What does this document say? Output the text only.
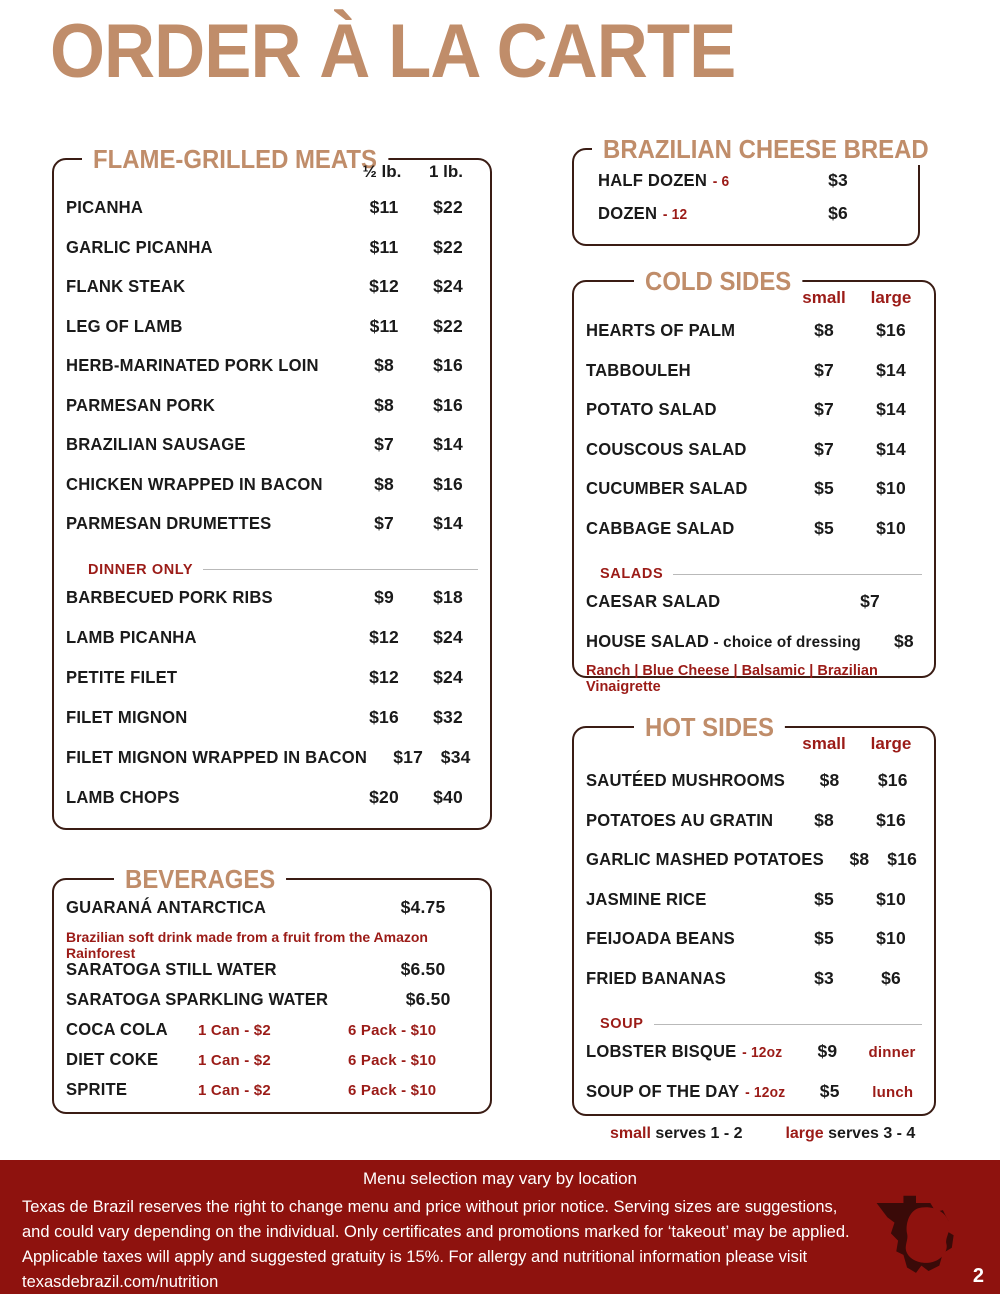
ORDER À LA CARTE
FLAME-GRILLED MEATS
½ lb.	1 lb.
PICANHA	$11	$22
GARLIC PICANHA	$11	$22
FLANK STEAK	$12	$24
LEG OF LAMB	$11	$22
HERB-MARINATED PORK LOIN	$8	$16
PARMESAN PORK	$8	$16
BRAZILIAN SAUSAGE	$7	$14
CHICKEN WRAPPED IN BACON	$8	$16
PARMESAN DRUMETTES	$7	$14
DINNER ONLY
BARBECUED PORK RIBS	$9	$18
LAMB PICANHA	$12	$24
PETITE FILET	$12	$24
FILET MIGNON	$16	$32
FILET MIGNON WRAPPED IN BACON	$17	$34
LAMB CHOPS	$20	$40
BEVERAGES
GUARANÁ ANTARCTICA	$4.75
Brazilian soft drink made from a fruit from the Amazon Rainforest
SARATOGA STILL WATER	$6.50
SARATOGA SPARKLING WATER	$6.50
COCA COLA	1 Can - $2	6 Pack - $10
DIET COKE	1 Can - $2	6 Pack - $10
SPRITE	1 Can - $2	6 Pack - $10
BRAZILIAN CHEESE BREAD
HALF DOZEN - 6	$3
DOZEN - 12	$6
COLD SIDES
small	large
HEARTS OF PALM	$8	$16
TABBOULEH	$7	$14
POTATO SALAD	$7	$14
COUSCOUS SALAD	$7	$14
CUCUMBER SALAD	$5	$10
CABBAGE SALAD	$5	$10
SALADS
CAESAR SALAD	$7
HOUSE SALAD - choice of dressing	$8
Ranch | Blue Cheese | Balsamic | Brazilian Vinaigrette
HOT SIDES
small	large
SAUTÉED MUSHROOMS	$8	$16
POTATOES AU GRATIN	$8	$16
GARLIC MASHED POTATOES	$8	$16
JASMINE RICE	$5	$10
FEIJOADA BEANS	$5	$10
FRIED BANANAS	$3	$6
SOUP
LOBSTER BISQUE - 12oz	$9	dinner
SOUP OF THE DAY - 12oz	$5	lunch
small serves 1 - 2	large serves 3 - 4
Menu selection may vary by location
Texas de Brazil reserves the right to change menu and price without prior notice. Serving sizes are suggestions, and could vary depending on the individual. Only certificates and promotions marked for ‘takeout’ may be applied. Applicable taxes will apply and suggested gratuity is 15%. For allergy and nutritional information please visit texasdebrazil.com/nutrition	2
